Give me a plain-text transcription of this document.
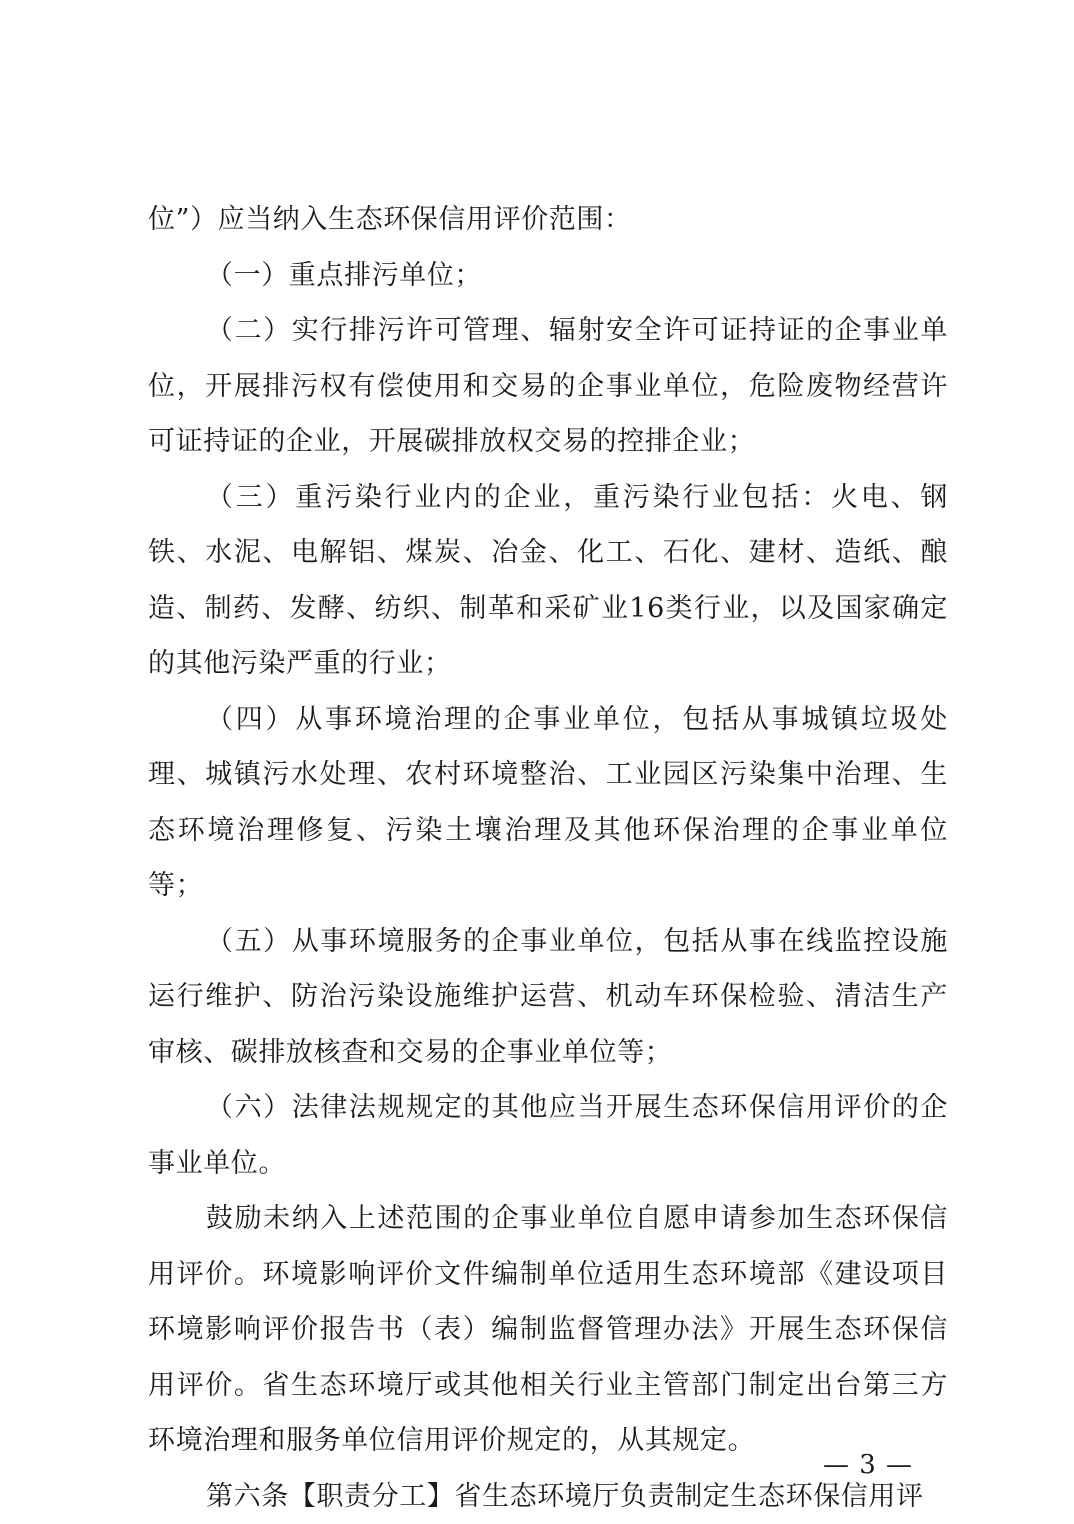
位”）应当纳入生态环保信用评价范围：

（一）重点排污单位；

（二）实行排污许可管理、辐射安全许可证持证的企事业单位，开展排污权有偿使用和交易的企事业单位，危险废物经营许可证持证的企业，开展碳排放权交易的控排企业；

（三）重污染行业内的企业，重污染行业包括：火电、钢铁、水泥、电解铝、煤炭、冶金、化工、石化、建材、造纸、酿造、制药、发酵、纺织、制革和采矿业16类行业，以及国家确定的其他污染严重的行业；

（四）从事环境治理的企事业单位，包括从事城镇垃圾处理、城镇污水处理、农村环境整治、工业园区污染集中治理、生态环境治理修复、污染土壤治理及其他环保治理的企事业单位等；

（五）从事环境服务的企事业单位，包括从事在线监控设施运行维护、防治污染设施维护运营、机动车环保检验、清洁生产审核、碳排放核查和交易的企事业单位等；

（六）法律法规规定的其他应当开展生态环保信用评价的企事业单位。

鼓励未纳入上述范围的企事业单位自愿申请参加生态环保信用评价。环境影响评价文件编制单位适用生态环境部《建设项目环境影响评价报告书（表）编制监督管理办法》开展生态环保信用评价。省生态环境厅或其他相关行业主管部门制定出台第三方环境治理和服务单位信用评价规定的，从其规定。

第六条【职责分工】省生态环境厅负责制定生态环保信用评

— 3 —
